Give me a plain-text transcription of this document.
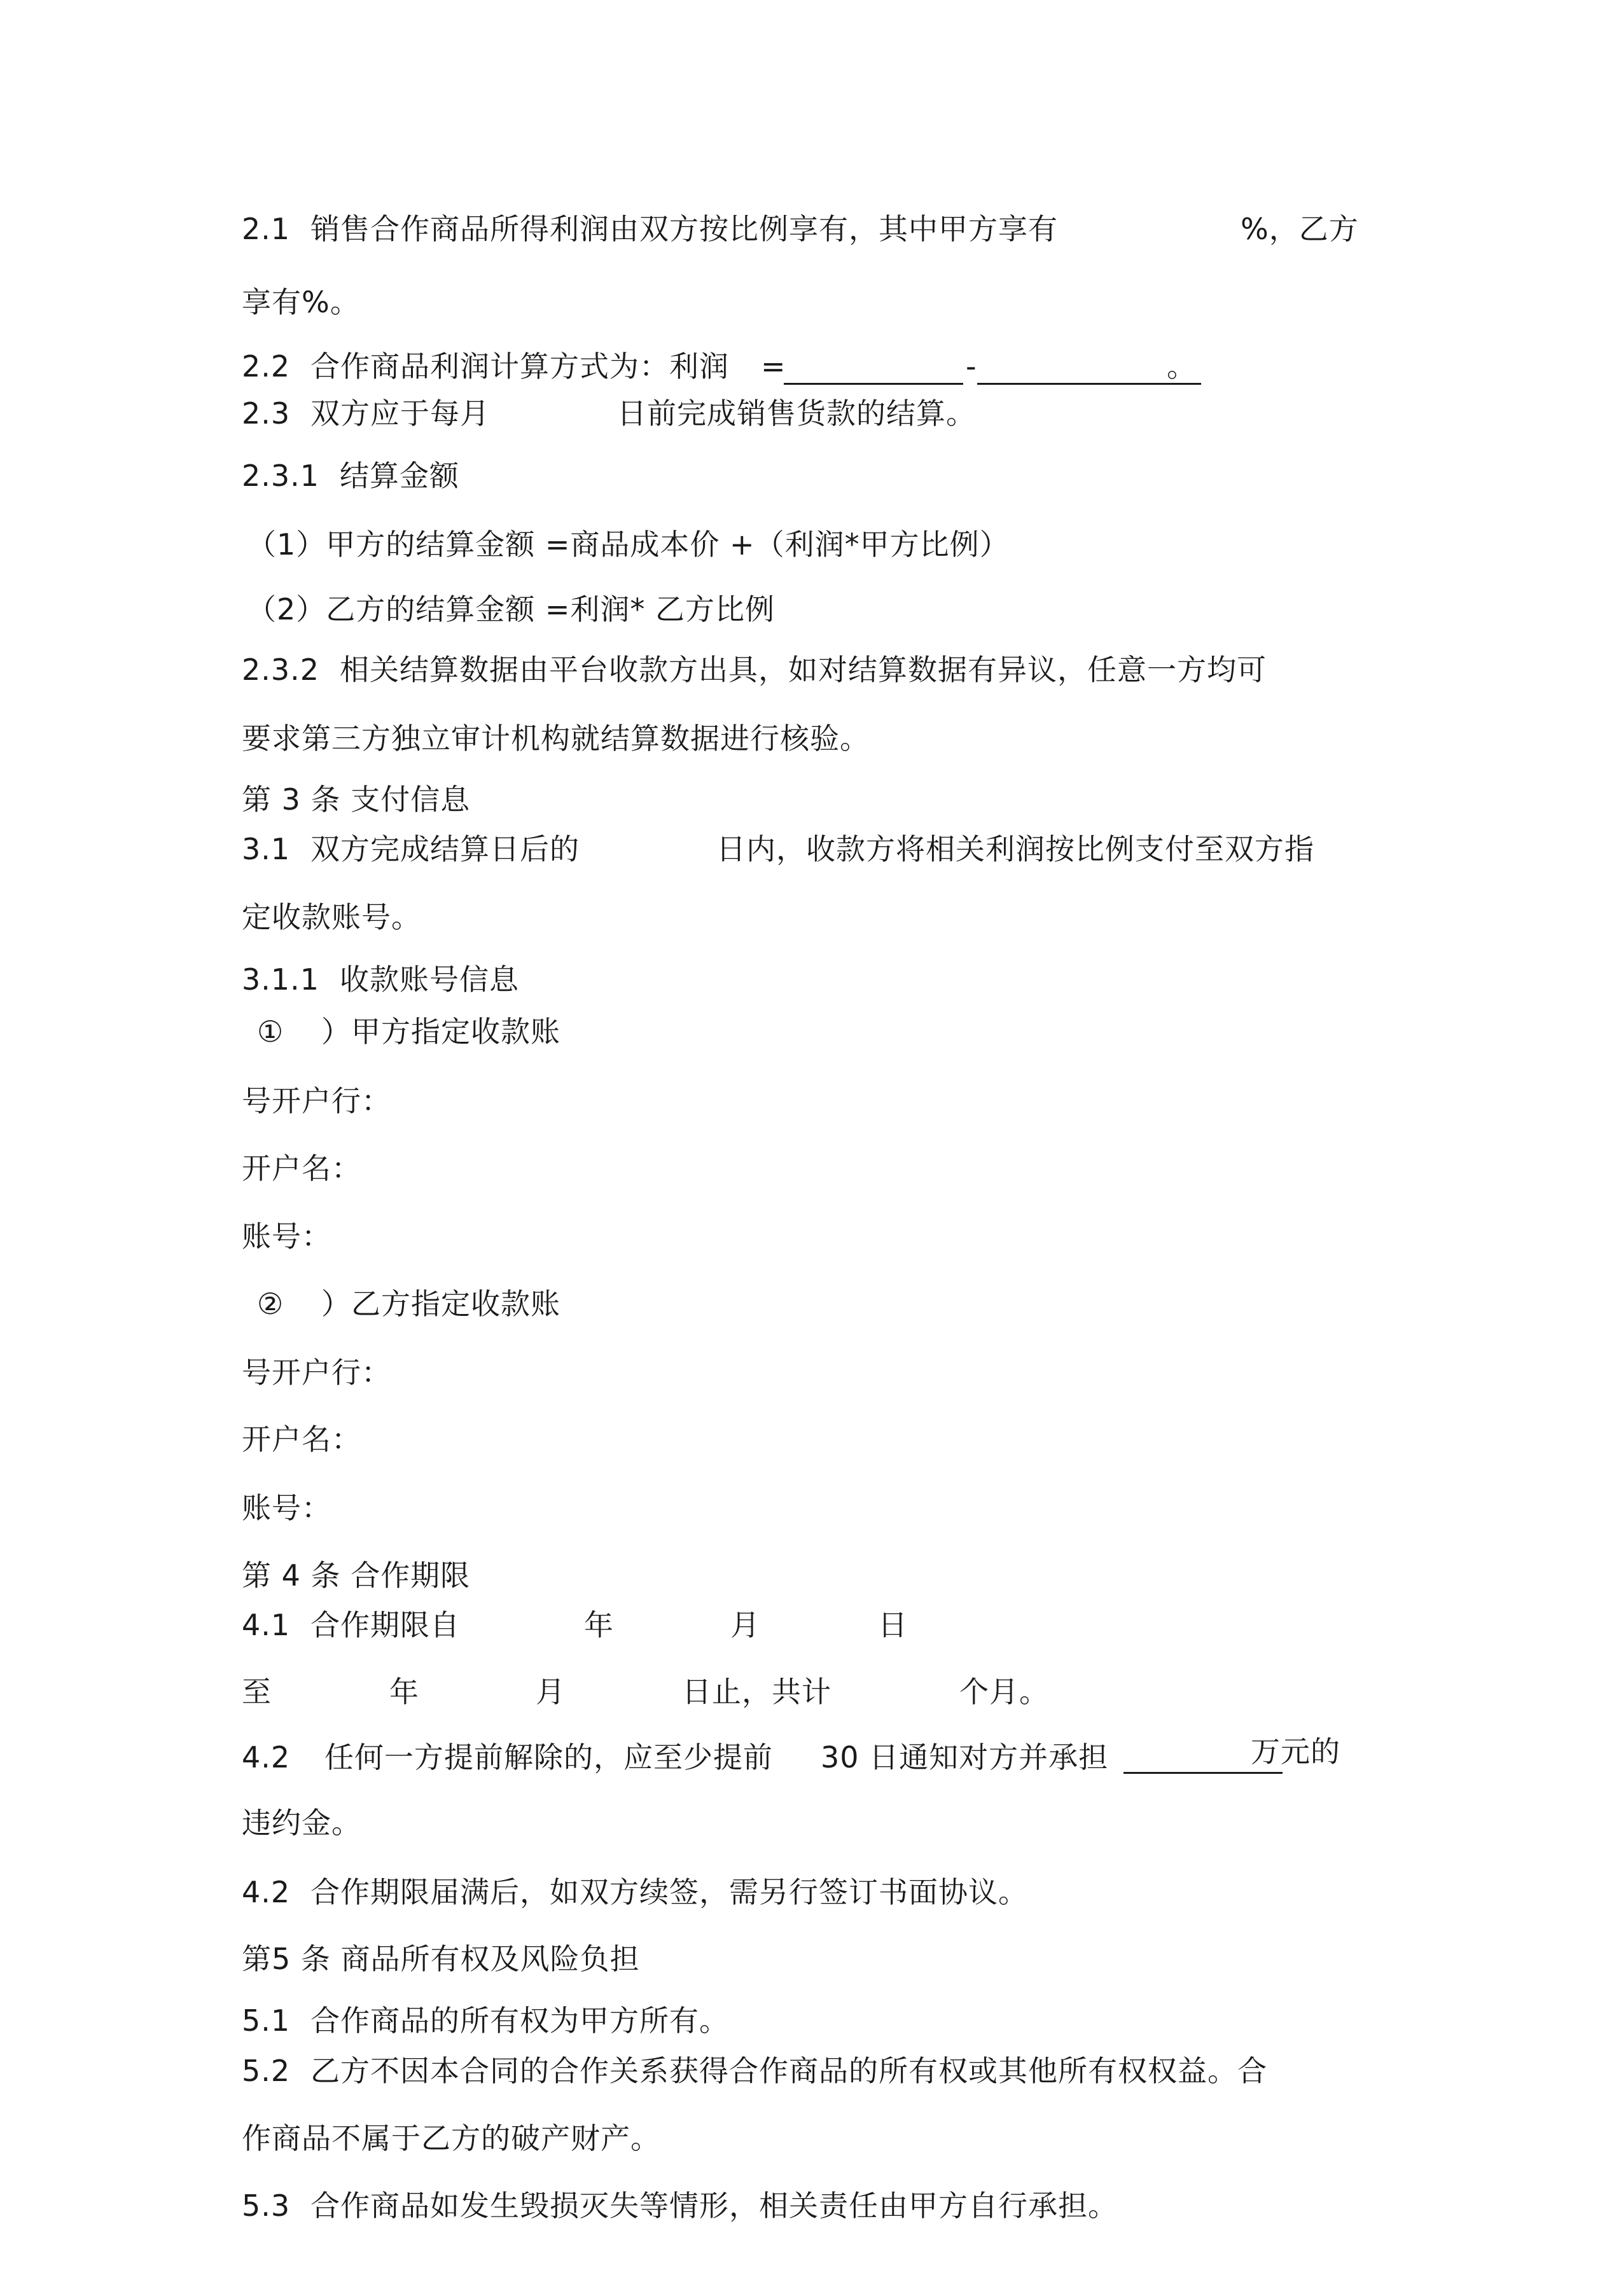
2.1 销售合作商品所得利润由双方按比例享有，其中甲方享有	%，乙方
享有%。
2.2 合作商品利润计算方式为：利润 =	-	。
2.3 双方应于每月	日前完成销售货款的结算。
2.3.1 结算金额
（1）甲方的结算金额 =商品成本价 +（利润*甲方比例）
（2）乙方的结算金额 =利润* 乙方比例
2.3.2 相关结算数据由平台收款方出具，如对结算数据有异议，任意一方均可
要求第三方独立审计机构就结算数据进行核验。
第 3 条 支付信息
3.1 双方完成结算日后的	日内，收款方将相关利润按比例支付至双方指
定收款账号。
3.1.1 收款账号信息
① ）甲方指定收款账
号开户行：
开户名：
账号：
② ）乙方指定收款账
号开户行：
开户名：
账号：
第 4 条 合作期限
4.1 合作期限自	年	月	日
至	年	月	日止，共计	个月。
4.2 任何一方提前解除的，应至少提前 30 日通知对方并承担	万元的
违约金。
4.2 合作期限届满后，如双方续签，需另行签订书面协议。
第5 条 商品所有权及风险负担
5.1 合作商品的所有权为甲方所有。
5.2 乙方不因本合同的合作关系获得合作商品的所有权或其他所有权权益。合
作商品不属于乙方的破产财产。
5.3 合作商品如发生毁损灭失等情形，相关责任由甲方自行承担。
